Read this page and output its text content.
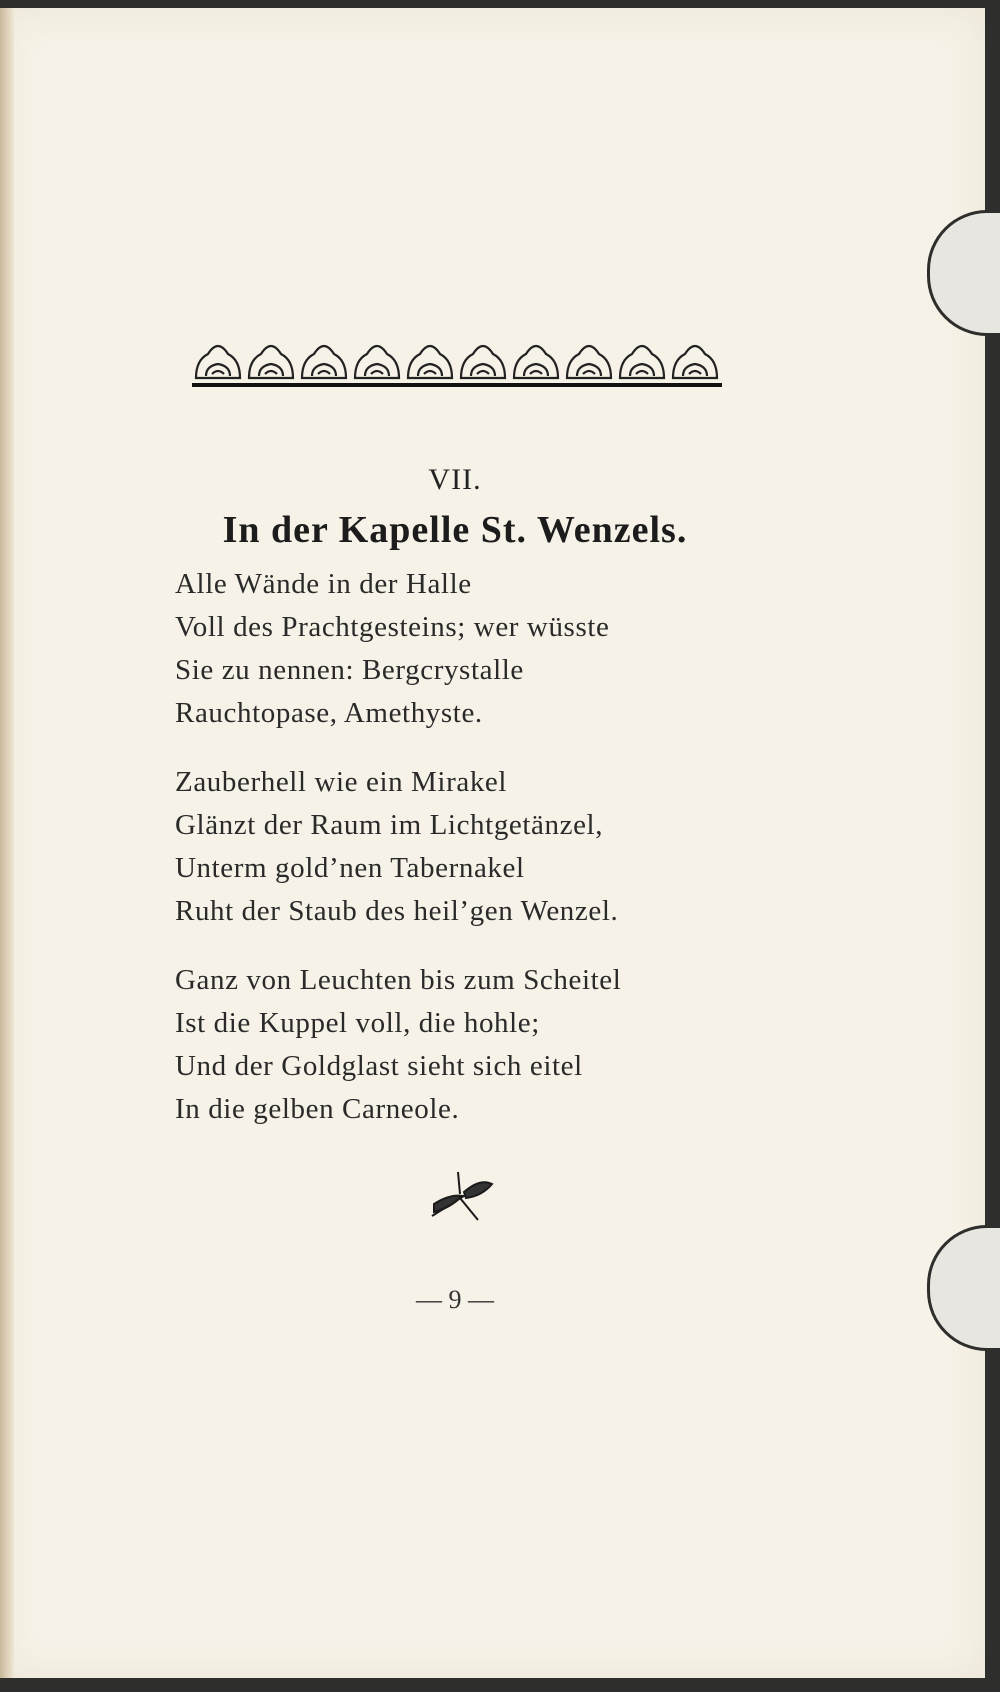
VII.
In der Kapelle St. Wenzels.
Alle Wände in der Halle
Voll des Prachtgesteins; wer wüsste
Sie zu nennen: Bergcrystalle
Rauchtopase, Amethyste.
Zauberhell wie ein Mirakel
Glänzt der Raum im Lichtgetänzel,
Unterm gold’nen Tabernakel
Ruht der Staub des heil’gen Wenzel.
Ganz von Leuchten bis zum Scheitel
Ist die Kuppel voll, die hohle;
Und der Goldglast sieht sich eitel
In die gelben Carneole.
— 9 —
